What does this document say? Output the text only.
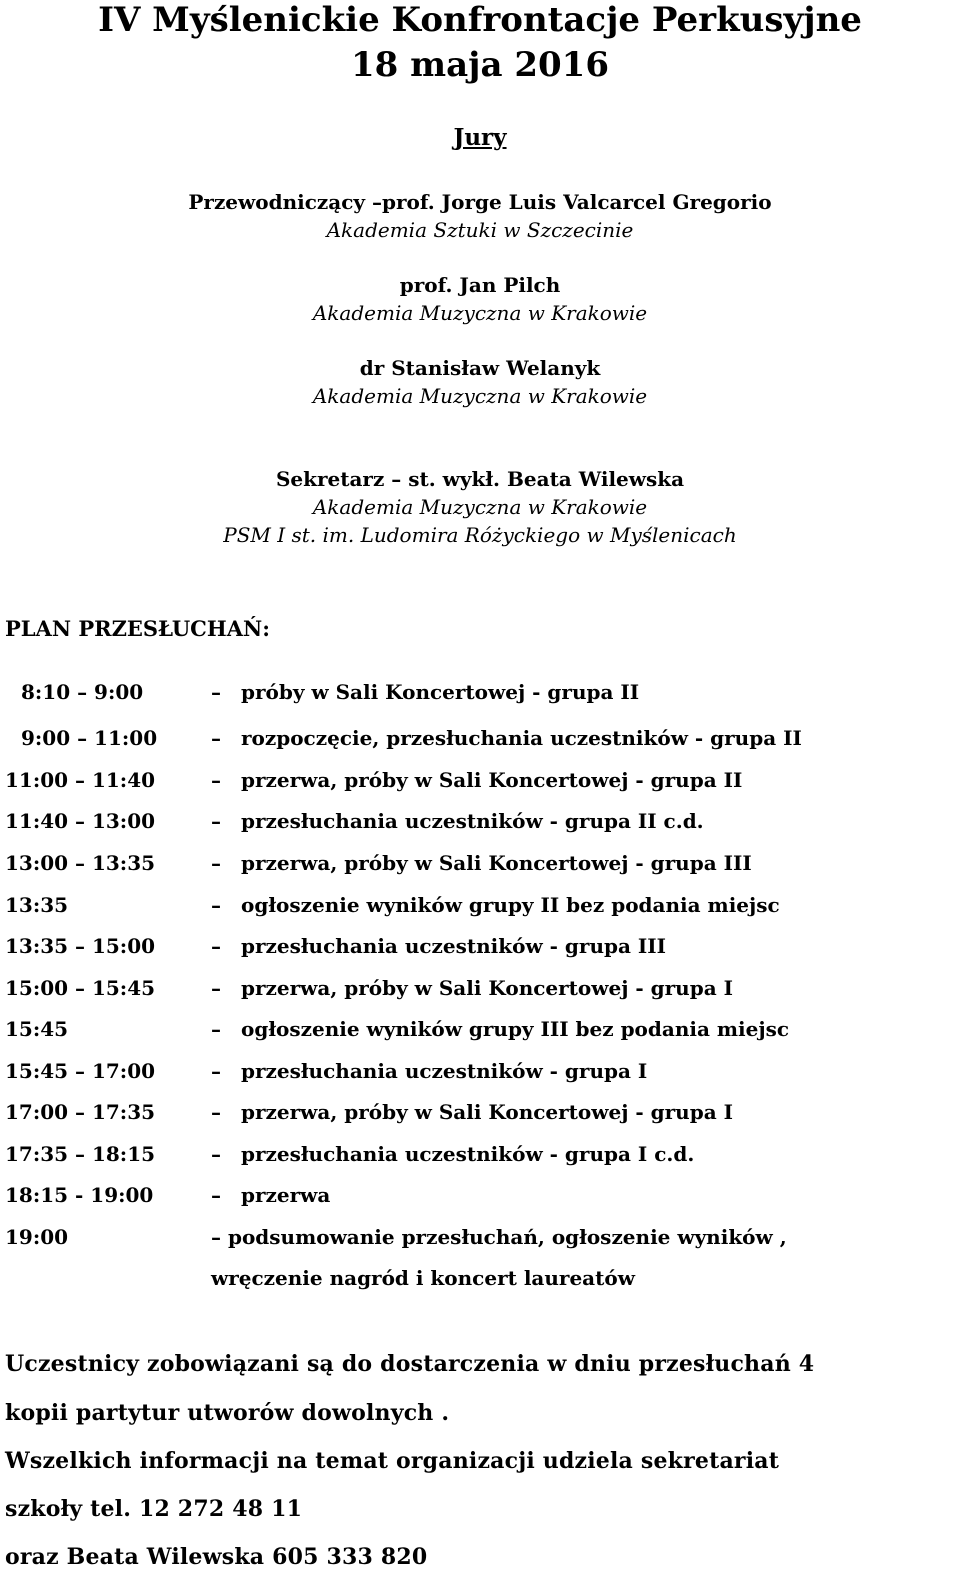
IV Myślenickie Konfrontacje Perkusyjne
18 maja 2016
Jury
Przewodniczący –prof. Jorge Luis Valcarcel Gregorio
Akademia Sztuki w Szczecinie
prof. Jan Pilch
Akademia Muzyczna w Krakowie
dr Stanisław Welanyk
Akademia Muzyczna w Krakowie
Sekretarz – st. wykł. Beata Wilewska
Akademia Muzyczna w Krakowie
PSM I st. im. Ludomira Różyckiego w Myślenicach
PLAN PRZESŁUCHAŃ:
8:10 – 9:00	– próby w Sali Koncertowej - grupa II
9:00 – 11:00	– rozpoczęcie, przesłuchania uczestników - grupa II
11:00 – 11:40	– przerwa, próby w Sali Koncertowej - grupa II
11:40 – 13:00	– przesłuchania uczestników - grupa II c.d.
13:00 – 13:35	– przerwa, próby w Sali Koncertowej - grupa III
13:35	– ogłoszenie wyników grupy II bez podania miejsc
13:35 – 15:00	– przesłuchania uczestników - grupa III
15:00 – 15:45	– przerwa, próby w Sali Koncertowej - grupa I
15:45	– ogłoszenie wyników grupy III bez podania miejsc
15:45 – 17:00	– przesłuchania uczestników - grupa I
17:00 – 17:35	– przerwa, próby w Sali Koncertowej - grupa I
17:35 – 18:15	– przesłuchania uczestników - grupa I c.d.
18:15 - 19:00	– przerwa
19:00	– podsumowanie przesłuchań, ogłoszenie wyników ,
wręczenie nagród i koncert laureatów
Uczestnicy zobowiązani są do dostarczenia w dniu przesłuchań 4
kopii partytur utworów dowolnych .
Wszelkich informacji na temat organizacji udziela sekretariat
szkoły tel. 12 272 48 11
oraz Beata Wilewska 605 333 820
